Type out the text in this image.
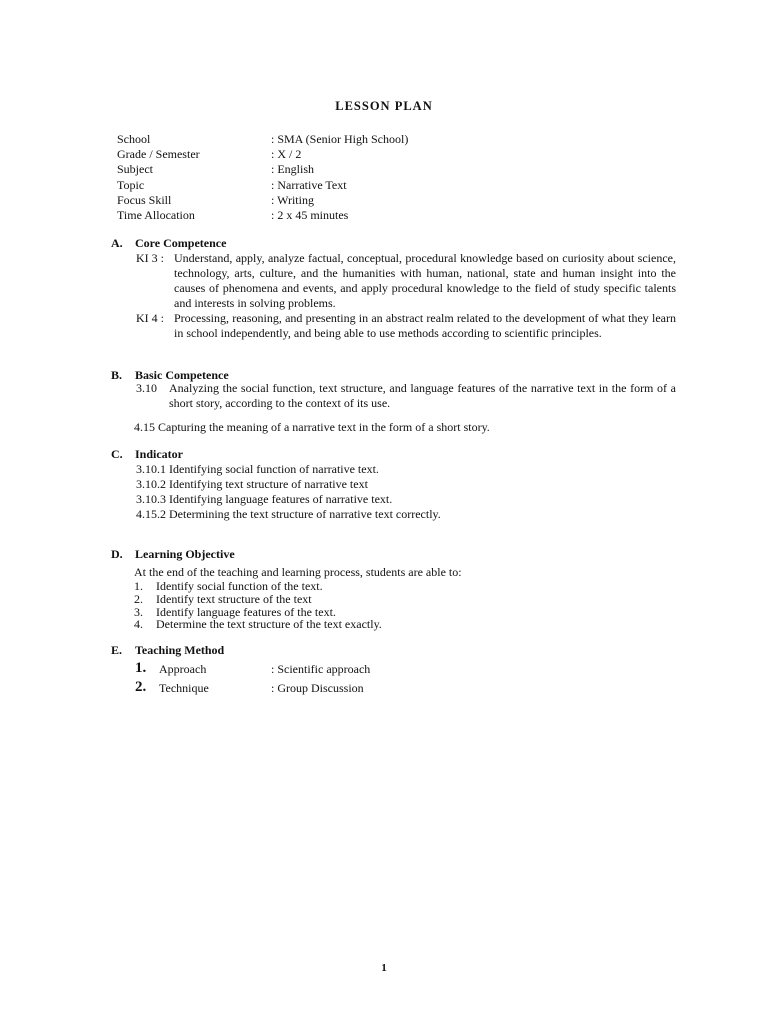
LESSON PLAN
School	: SMA (Senior High School)
Grade / Semester	: X / 2
Subject	: English
Topic	: Narrative Text
Focus Skill	: Writing
Time Allocation	: 2 x 45 minutes
A. Core Competence
KI 3 : Understand, apply, analyze factual, conceptual, procedural knowledge based on curiosity about science, technology, arts, culture, and the humanities with human, national, state and human insight into the causes of phenomena and events, and apply procedural knowledge to the field of study specific talents and interests in solving problems.
KI 4 : Processing, reasoning, and presenting in an abstract realm related to the development of what they learn in school independently, and being able to use methods according to scientific principles.
B. Basic Competence
3.10 Analyzing the social function, text structure, and language features of the narrative text in the form of a short story, according to the context of its use.
4.15 Capturing the meaning of a narrative text in the form of a short story.
C. Indicator
3.10.1 Identifying social function of narrative text.
3.10.2 Identifying text structure of narrative text
3.10.3 Identifying language features of narrative text.
4.15.2 Determining the text structure of narrative text correctly.
D. Learning Objective
At the end of the teaching and learning process, students are able to:
1. Identify social function of the text.
2. Identify text structure of the text
3. Identify language features of the text.
4. Determine the text structure of the text exactly.
E. Teaching Method
1. Approach	: Scientific approach
2. Technique	: Group Discussion
1
